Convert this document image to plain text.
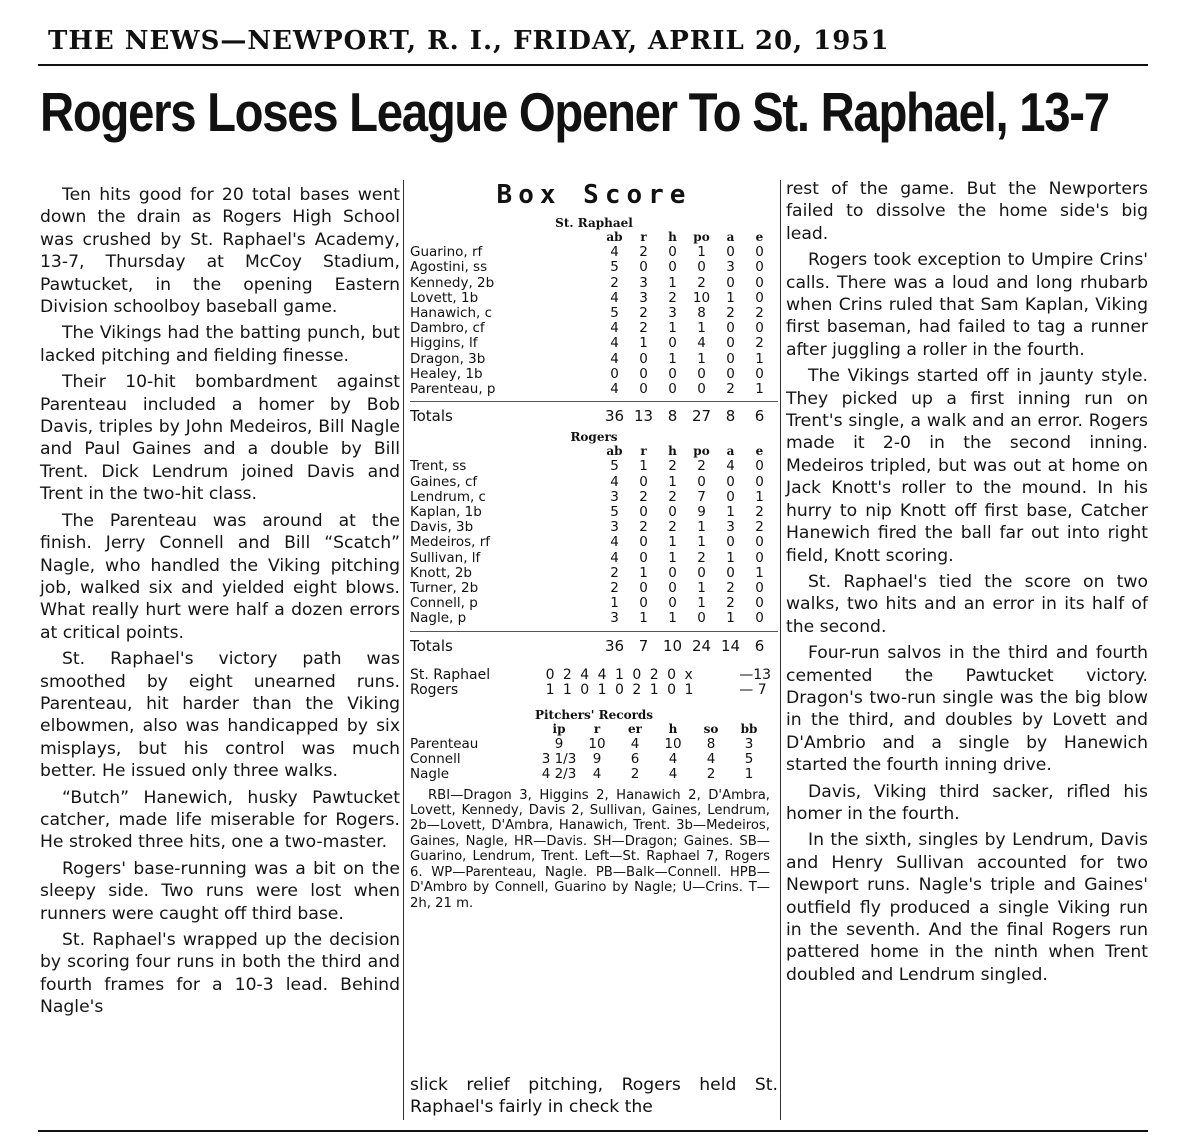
THE NEWS—NEWPORT, R. I., FRIDAY, APRIL 20, 1951
Rogers Loses League Opener To St. Raphael, 13-7

Ten hits good for 20 total bases went down the drain as Rogers High School was crushed by St. Raphael's Academy, 13-7, Thursday at McCoy Stadium, Pawtucket, in the opening Eastern Division schoolboy baseball game.

The Vikings had the batting punch, but lacked pitching and fielding finesse.

Their 10-hit bombardment against Parenteau included a homer by Bob Davis, triples by John Medeiros, Bill Nagle and Paul Gaines and a double by Bill Trent. Dick Lendrum joined Davis and Trent in the two-hit class.

The Parenteau was around at the finish. Jerry Connell and Bill “Scatch” Nagle, who handled the Viking pitching job, walked six and yielded eight blows. What really hurt were half a dozen errors at critical points.

St. Raphael's victory path was smoothed by eight unearned runs. Parenteau, hit harder than the Viking elbowmen, also was handicapped by six misplays, but his control was much better. He issued only three walks.

“Butch” Hanewich, husky Pawtucket catcher, made life miserable for Rogers. He stroked three hits, one a two-master.

Rogers' base-running was a bit on the sleepy side. Two runs were lost when runners were caught off third base.

St. Raphael's wrapped up the decision by scoring four runs in both the third and fourth frames for a 10-3 lead. Behind Nagle's

Box Score
St. Raphael
ab	r	h	po	a	e
Guarino, rf	4	2	0	1	0	0
Agostini, ss	5	0	0	0	3	0
Kennedy, 2b	2	3	1	2	0	0
Lovett, 1b	4	3	2	10	1	0
Hanawich, c	5	2	3	8	2	2
Dambro, cf	4	2	1	1	0	0
Higgins, lf	4	1	0	4	0	2
Dragon, 3b	4	0	1	1	0	1
Healey, 1b	0	0	0	0	0	0
Parenteau, p	4	0	0	0	2	1
Totals	36 13 8 27 8	6
Rogers
ab	r	h	po	a	e
Trent, ss	5	1	2	2	4	0
Gaines, cf	4	0	1	0	0	0
Lendrum, c	3	2	2	7	0	1
Kaplan, 1b	5	0	0	9	1	2
Davis, 3b	3	2	2	1	3	2
Medeiros, rf	4	0	1	1	0	0
Sullivan, lf	4	0	1	2	1	0
Knott, 2b	2	1	0	0	0	1
Turner, 2b	2	0	0	1	2	0
Connell, p	1	0	0	1	2	0
Nagle, p	3	1	1	0	1	0
Totals	36 7 10 24 14 6
St. Raphael	0 2 4 4 1 0 2 0 x	—13
Rogers	1 1 0 1 0 2 1 0 1	— 7
Pitchers' Records
ip	r	er	h	so	bb
Parenteau	9	10	4	10	8	3
Connell	3 1/3	9	6	4	4	5
Nagle	4 2/3	4	2	4	2	1
RBI—Dragon 3, Higgins 2, Hanawich 2, D'Ambra, Lovett, Kennedy, Davis 2, Sullivan, Gaines, Lendrum, 2b—Lovett, D'Ambra, Hanawich, Trent. 3b—Medeiros, Gaines, Nagle, HR—Davis. SH—Dragon; Gaines. SB—Guarino, Lendrum, Trent. Left—St. Raphael 7, Rogers 6. WP—Parenteau, Nagle. PB—Balk—Connell. HPB—D'Ambro by Connell, Guarino by Nagle; U—Crins. T—2h, 21 m.
slick relief pitching, Rogers held St. Raphael's fairly in check the

rest of the game. But the Newporters failed to dissolve the home side's big lead.

Rogers took exception to Umpire Crins' calls. There was a loud and long rhubarb when Crins ruled that Sam Kaplan, Viking first baseman, had failed to tag a runner after juggling a roller in the fourth.

The Vikings started off in jaunty style. They picked up a first inning run on Trent's single, a walk and an error. Rogers made it 2-0 in the second inning. Medeiros tripled, but was out at home on Jack Knott's roller to the mound. In his hurry to nip Knott off first base, Catcher Hanewich fired the ball far out into right field, Knott scoring.

St. Raphael's tied the score on two walks, two hits and an error in its half of the second.

Four-run salvos in the third and fourth cemented the Pawtucket victory. Dragon's two-run single was the big blow in the third, and doubles by Lovett and D'Ambrio and a single by Hanewich started the fourth inning drive.

Davis, Viking third sacker, rifled his homer in the fourth.

In the sixth, singles by Lendrum, Davis and Henry Sullivan accounted for two Newport runs. Nagle's triple and Gaines' outfield fly produced a single Viking run in the seventh. And the final Rogers run pattered home in the ninth when Trent doubled and Lendrum singled.
